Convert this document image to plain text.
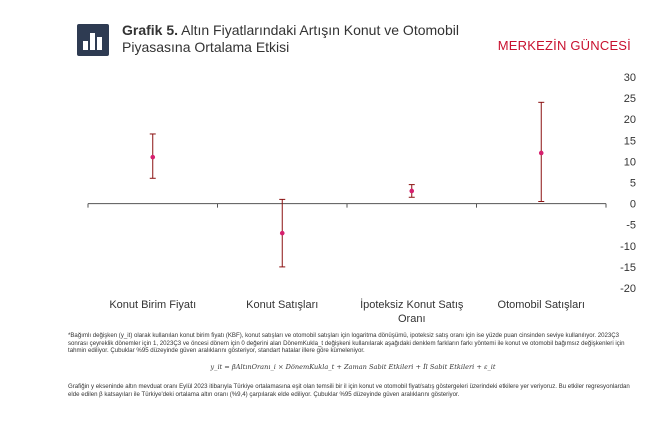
Grafik 5. Altın Fiyatlarındaki Artışın Konut ve Otomobil Piyasasına Ortalama Etkisi	MERKEZİN GÜNCESİ
30
25
20
15
10
5
0
-5
-10
-15
-20
Konut Birim Fiyatı	Konut Satışları	İpoteksiz Konut Satış Oranı
Otomobil Satışları

*Bağımlı değişken (y_it) olarak kullanılan konut birim fiyatı (KBF), konut satışları ve otomobil satışları için logaritma dönüşümü, ipoteksiz satış oranı için ise yüzde puan cinsinden seviye kullanılıyor. 2023Ç3 sonrası çeyreklik dönemler için 1, 2023Ç3 ve öncesi dönem için 0 değerini alan DönemKukla_t değişkeni kullanılarak aşağıdaki denklem farkların farkı yöntemi ile konut ve otomobil bağımsız değişkenleri için tahmin ediliyor. Çubuklar %95 düzeyinde güven aralıklarını gösteriyor, standart hatalar illere göre kümeleniyor.

y_it = βAltınOranı_i × DönemKukla_t + Zaman Sabit Etkileri + İl Sabit Etkileri + ε_it

Grafiğin y ekseninde altın mevduat oranı Eylül 2023 itibarıyla Türkiye ortalamasına eşit olan temsili bir il için konut ve otomobil fiyat/satış göstergeleri üzerindeki etkilere yer veriyoruz. Bu etkiler regresyonlardan elde edilen β katsayıları ile Türkiye'deki ortalama altın oranı (%9,4) çarpılarak elde ediliyor. Çubuklar %95 düzeyinde güven aralıklarını gösteriyor.
